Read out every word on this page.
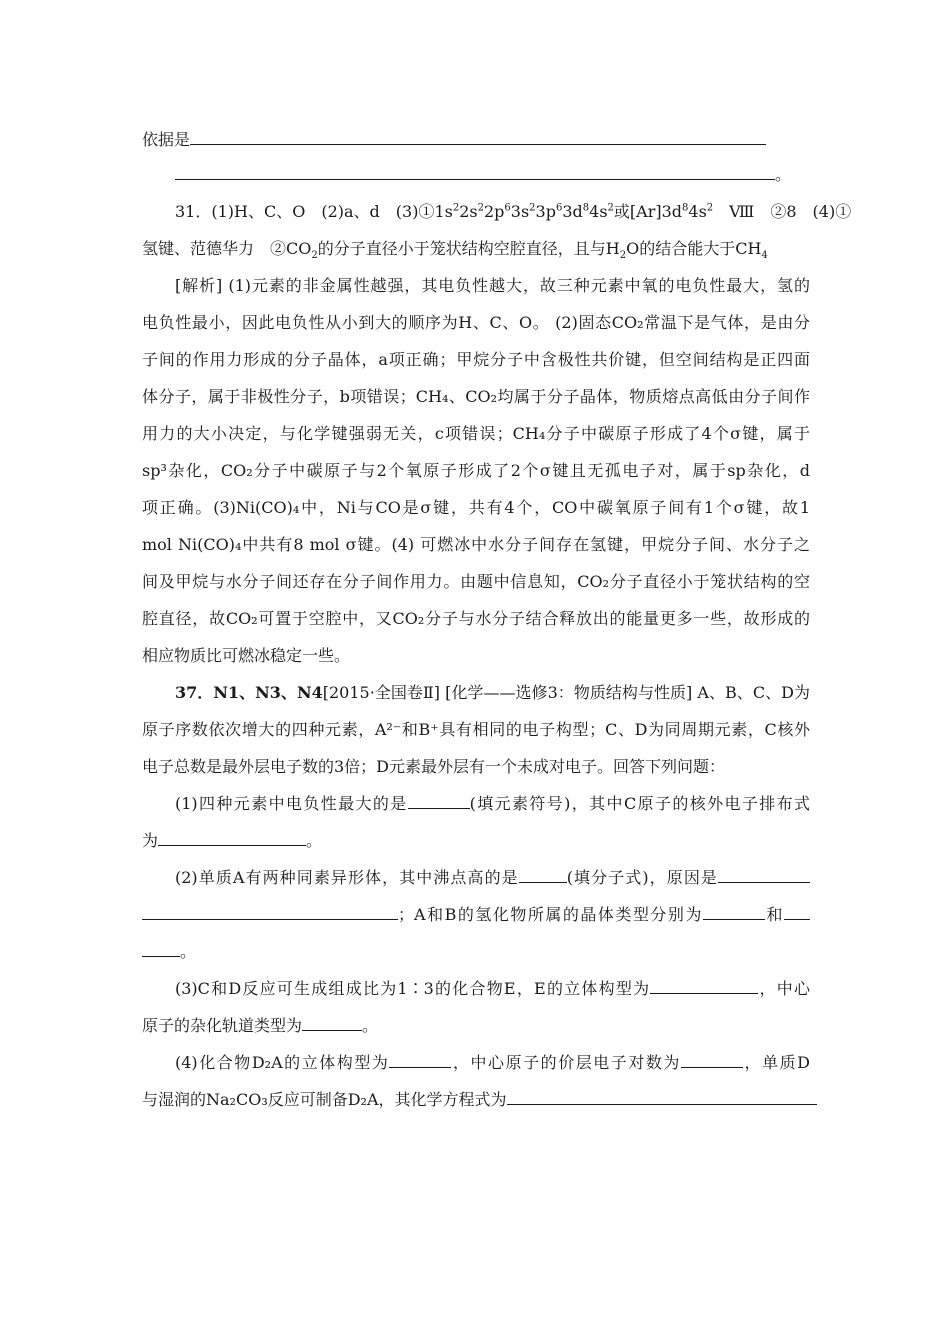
依据是
。
31．(1)H、C、O　(2)a、d　$(3)①1s^22s^22p^63s^23p^63d^84s^2$或$[Ar]3d^84s^2$　Ⅷ　②8　(4)①
氢键、范德华力　$②CO_2$的分子直径小于笼状结构空腔直径，且与$H_2O$的结合能大于$CH_4$
[解析] (1)元素的非金属性越强，其电负性越大，故三种元素中氧的电负性最大，氢的
电负性最小，因此电负性从小到大的顺序为H、C、O。 (2)固态CO₂常温下是气体，是由分
子间的作用力形成的分子晶体，a项正确；甲烷分子中含极性共价键，但空间结构是正四面
体分子，属于非极性分子，b项错误；CH₄、CO₂均属于分子晶体，物质熔点高低由分子间作
用力的大小决定，与化学键强弱无关，c项错误；CH₄分子中碳原子形成了4个σ键，属于
sp³杂化，CO₂分子中碳原子与2个氧原子形成了2个σ键且无孤电子对，属于sp杂化，d
项正确。(3)Ni(CO)₄中，Ni与CO是σ键，共有4个，CO中碳氧原子间有1个σ键，故1
mol Ni(CO)₄中共有8 mol σ键。(4) 可燃冰中水分子间存在氢键，甲烷分子间、水分子之
间及甲烷与水分子间还存在分子间作用力。由题中信息知，CO₂分子直径小于笼状结构的空
腔直径，故CO₂可置于空腔中，又CO₂分子与水分子结合释放出的能量更多一些，故形成的
相应物质比可燃冰稳定一些。
37．N1、N3、N4[2015·全国卷Ⅱ] [化学——选修3：物质结构与性质] A、B、C、D为
原子序数依次增大的四种元素，A²⁻和B⁺具有相同的电子构型；C、D为同周期元素，C核外
电子总数是最外层电子数的3倍；D元素最外层有一个未成对电子。回答下列问题：
(1)四种元素中电负性最大的是	(填元素符号)，其中C原子的核外电子排布式
为	。
(2)单质A有两种同素异形体，其中沸点高的是	(填分子式)，原因是
；A和B的氢化物所属的晶体类型分别为	和
。
(3)C和D反应可生成组成比为1∶3的化合物E，E的立体构型为	，中心
原子的杂化轨道类型为	。
(4)化合物D₂A的立体构型为	，中心原子的价层电子对数为	，单质D
与湿润的Na₂CO₃反应可制备D₂A，其化学方程式为
